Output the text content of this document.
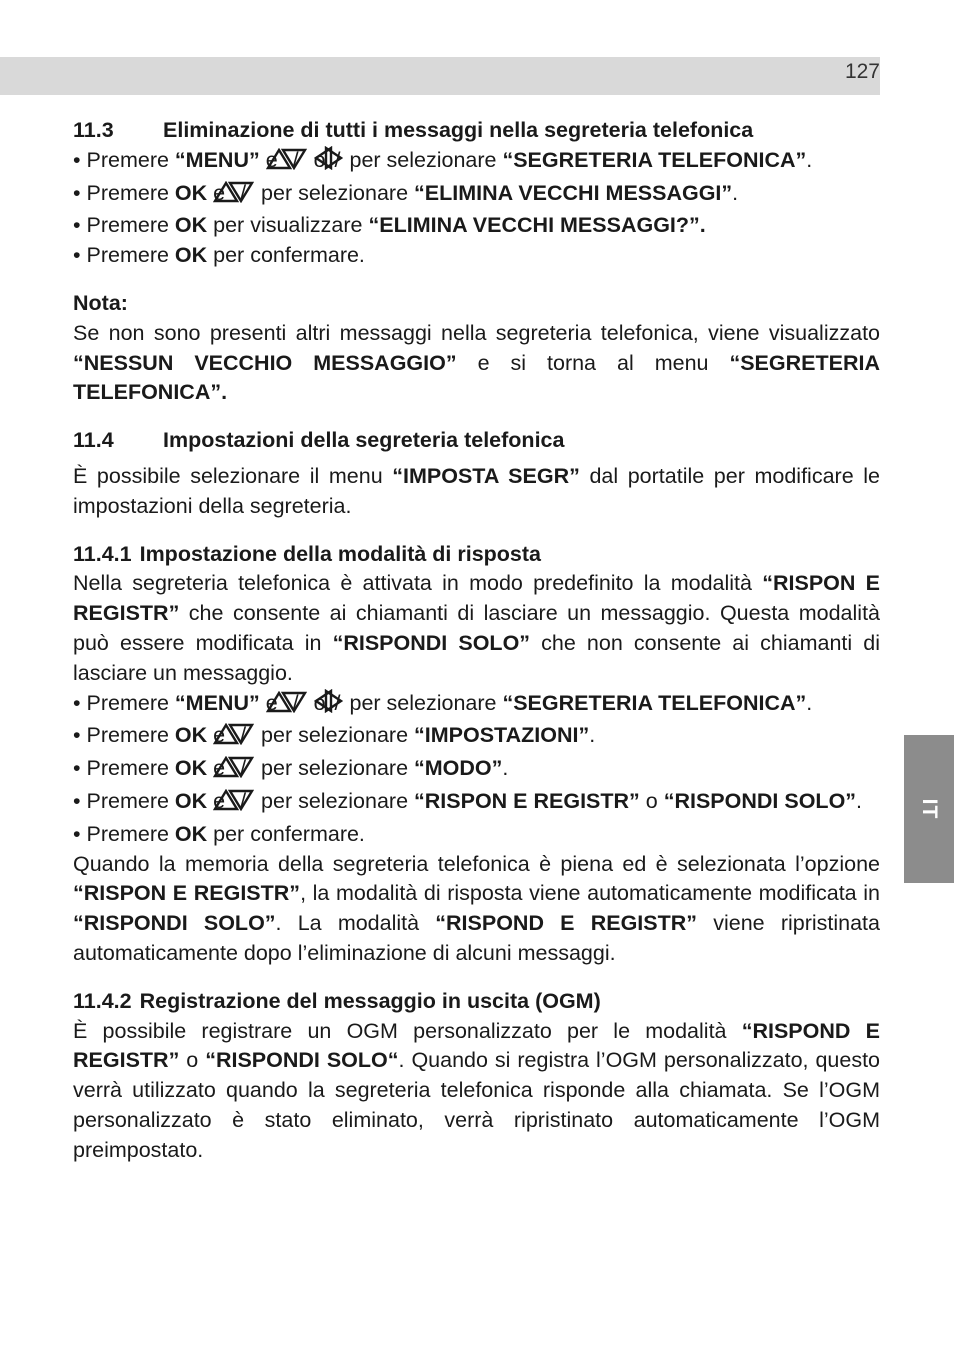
127
IT

11.3 Eliminazione di tutti i messaggi nella segreteria telefonica

• Premere “MENU” e / o / per selezionare “SEGRETERIA TELEFONICA”.

• Premere OK e / per selezionare “ELIMINA VECCHI MESSAGGI”.

• Premere OK per visualizzare “ELIMINA VECCHI MESSAGGI?”.

• Premere OK per confermare.

Nota:

Se non sono presenti altri messaggi nella segreteria telefonica, viene visualizzato “NESSUN VECCHIO MESSAGGIO” e si torna al menu “SEGRETERIA TELEFONICA”.

11.4 Impostazioni della segreteria telefonica

È possibile selezionare il menu “IMPOSTA SEGR” dal portatile per modificare le impostazioni della segreteria.

11.4.1 Impostazione della modalità di risposta

Nella segreteria telefonica è attivata in modo predefinito la modalità “RISPON E REGISTR” che consente ai chiamanti di lasciare un messaggio. Questa modalità può essere modificata in “RISPONDI SOLO” che non consente ai chiamanti di lasciare un messaggio.

• Premere “MENU” e / o / per selezionare “SEGRETERIA TELEFONICA”.

• Premere OK e / per selezionare “IMPOSTAZIONI”.

• Premere OK e / per selezionare “MODO”.

• Premere OK e / per selezionare “RISPON E REGISTR” o “RISPONDI SOLO”.

• Premere OK per confermare.

Quando la memoria della segreteria telefonica è piena ed è selezionata l’opzione “RISPON E REGISTR”, la modalità di risposta viene automaticamente modificata in “RISPONDI SOLO”. La modalità “RISPOND E REGISTR” viene ripristinata automaticamente dopo l’eliminazione di alcuni messaggi.

11.4.2 Registrazione del messaggio in uscita (OGM)

È possibile registrare un OGM personalizzato per le modalità “RISPOND E REGISTR” o “RISPONDI SOLO“. Quando si registra l’OGM personalizzato, questo verrà utilizzato quando la segreteria telefonica risponde alla chiamata. Se l’OGM personalizzato è stato eliminato, verrà ripristinato automaticamente l’OGM preimpostato.
